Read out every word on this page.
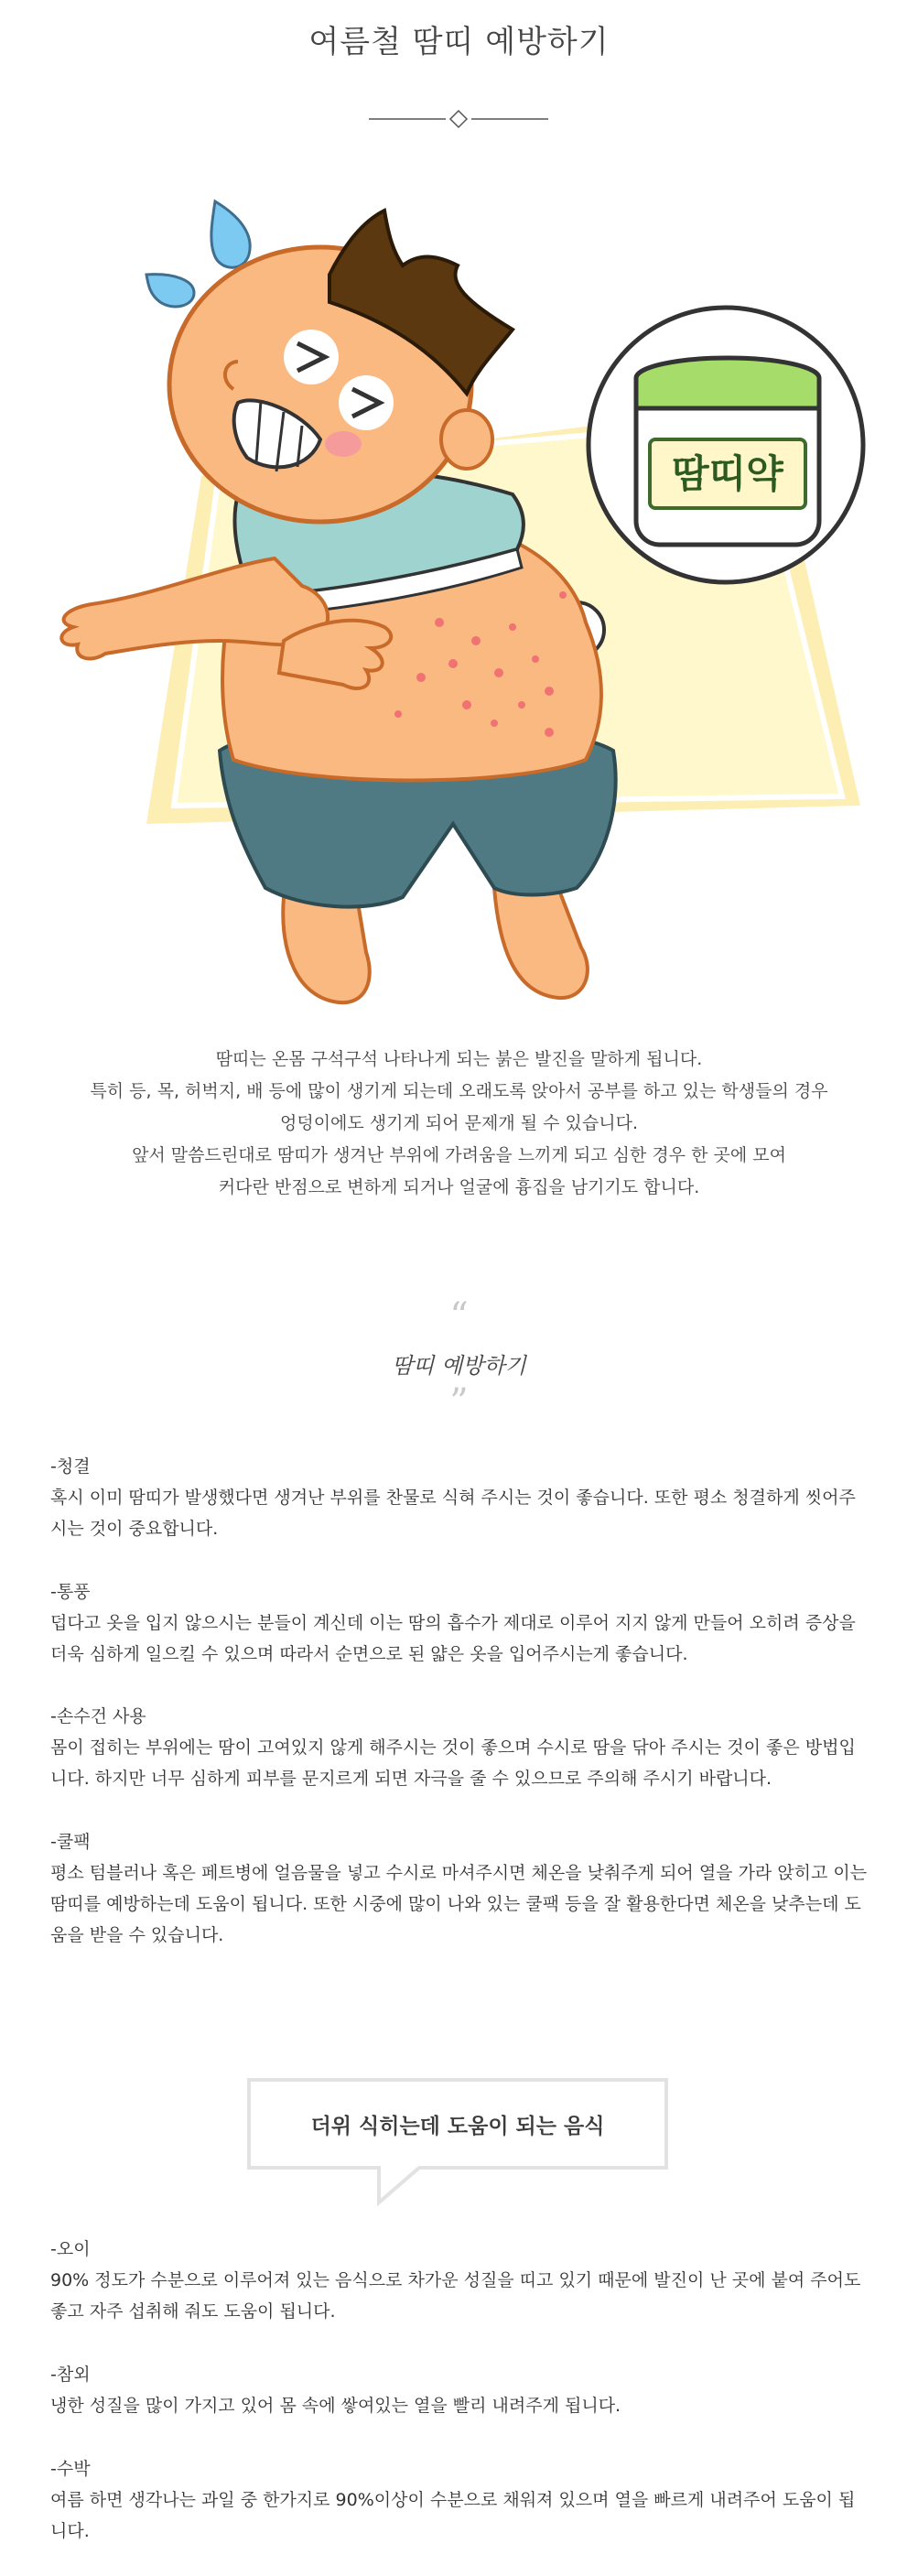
여름철 땀띠 예방하기
땀띠약
땀띠는 온몸 구석구석 나타나게 되는 붉은 발진을 말하게 됩니다.
특히 등, 목, 허벅지, 배 등에 많이 생기게 되는데 오래도록 앉아서 공부를 하고 있는 학생들의 경우
엉덩이에도 생기게 되어 문제개 될 수 있습니다.
앞서 말씀드린대로 땀띠가 생겨난 부위에 가려움을 느끼게 되고 심한 경우 한 곳에 모여
커다란 반점으로 변하게 되거나 얼굴에 흉집을 남기기도 합니다.
“
땀띠 예방하기
”

-청결

혹시 이미 땀띠가 발생했다면 생겨난 부위를 찬물로 식혀 주시는 것이 좋습니다. 또한 평소 청결하게 씻어주시는 것이 중요합니다.

-통풍

덥다고 옷을 입지 않으시는 분들이 계신데 이는 땀의 흡수가 제대로 이루어 지지 않게 만들어 오히려 증상을 더욱 심하게 일으킬 수 있으며 따라서 순면으로 된 얇은 옷을 입어주시는게 좋습니다.

-손수건 사용

몸이 접히는 부위에는 땀이 고여있지 않게 해주시는 것이 좋으며 수시로 땀을 닦아 주시는 것이 좋은 방법입니다. 하지만 너무 심하게 피부를 문지르게 되면 자극을 줄 수 있으므로 주의해 주시기 바랍니다.

-쿨팩

평소 텀블러나 혹은 페트병에 얼음물을 넣고 수시로 마셔주시면 체온을 낮춰주게 되어 열을 가라 앉히고 이는 땀띠를 예방하는데 도움이 됩니다. 또한 시중에 많이 나와 있는 쿨팩 등을 잘 활용한다면 체온을 낮추는데 도움을 받을 수 있습니다.

더위 식히는데 도움이 되는 음식

-오이

90% 정도가 수분으로 이루어져 있는 음식으로 차가운 성질을 띠고 있기 때문에 발진이 난 곳에 붙여 주어도 좋고 자주 섭취해 줘도 도움이 됩니다.

-참외

냉한 성질을 많이 가지고 있어 몸 속에 쌓여있는 열을 빨리 내려주게 됩니다.

-수박

여름 하면 생각나는 과일 중 한가지로 90%이상이 수분으로 채워져 있으며 열을 빠르게 내려주어 도움이 됩니다.
